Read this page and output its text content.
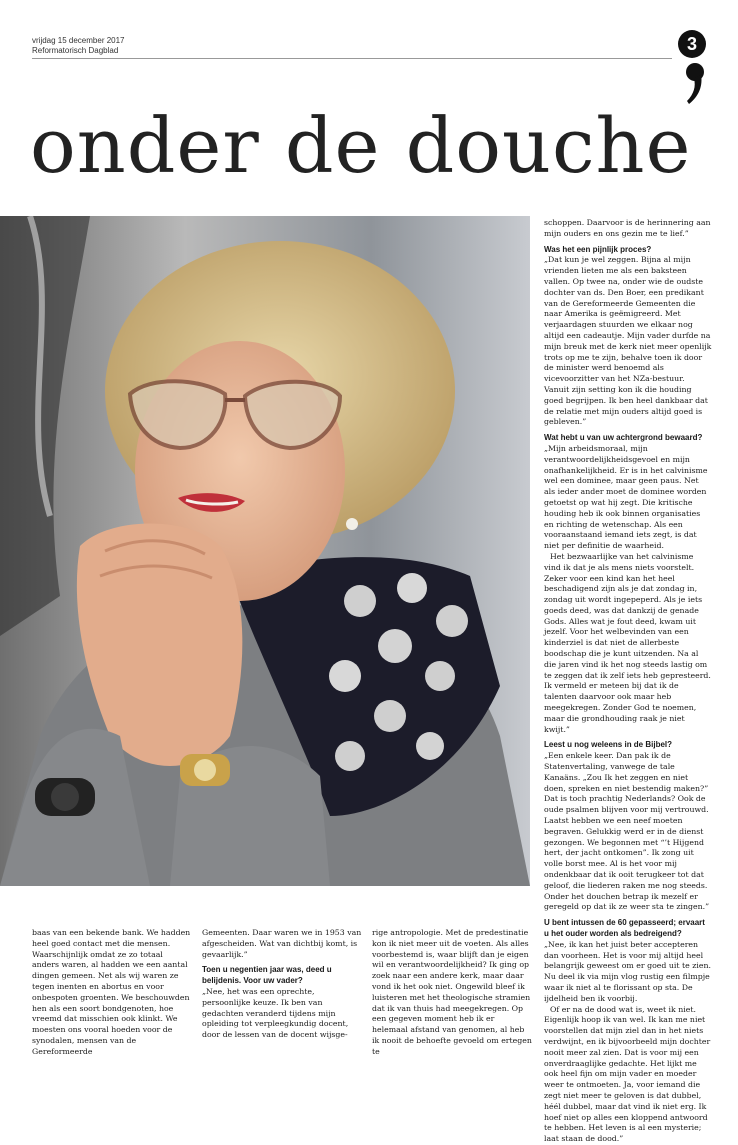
vrijdag 15 december 2017
Reformatorisch Dagblad	3
onder de douche

schoppen. Daarvoor is de herinnering aan mijn ouders en ons gezin me te lief.”

Was het een pijnlijk proces?

„Dat kun je wel zeggen. Bijna al mijn vrienden lieten me als een baksteen vallen. Op twee na, onder wie de oudste dochter van ds. Den Boer, een predikant van de Gereformeerde Gemeenten die naar Amerika is geëmigreerd. Met verjaardagen stuurden we elkaar nog altijd een cadeautje. Mijn vader durfde na mijn breuk met de kerk niet meer openlijk trots op me te zijn, behalve toen ik door de minister werd benoemd als vicevoorzitter van het NZa-bestuur. Vanuit zijn setting kon ik die houding goed begrijpen. Ik ben heel dankbaar dat de relatie met mijn ouders altijd goed is gebleven.”

Wat hebt u van uw achtergrond bewaard?

„Mijn arbeidsmoraal, mijn verantwoordelijkheidsgevoel en mijn onafhankelijkheid. Er is in het calvinisme wel een dominee, maar geen paus. Net als ieder ander moet de dominee worden getoetst op wat hij zegt. Die kritische houding heb ik ook binnen organisaties en richting de wetenschap. Als een vooraanstaand iemand iets zegt, is dat niet per definitie de waarheid.

Het bezwaarlijke van het calvinisme vind ik dat je als mens niets voorstelt. Zeker voor een kind kan het heel beschadigend zijn als je dat zondag in, zondag uit wordt ingepeperd. Als je iets goeds deed, was dat dankzij de genade Gods. Alles wat je fout deed, kwam uit jezelf. Voor het welbevinden van een kinderziel is dat niet de allerbeste boodschap die je kunt uitzenden. Na al die jaren vind ik het nog steeds lastig om te zeggen dat ik zelf iets heb gepresteerd. Ik vermeld er meteen bij dat ik de talenten daarvoor ook maar heb meegekregen. Zonder God te noemen, maar die grondhouding raak je niet kwijt.”

Leest u nog weleens in de Bijbel?

„Een enkele keer. Dan pak ik de Statenvertaling, vanwege de tale Kanaäns. „Zou Ik het zeggen en niet doen, spreken en niet bestendig maken?” Dat is toch prachtig Nederlands? Ook de oude psalmen blijven voor mij vertrouwd. Laatst hebben we een neef moeten begraven. Gelukkig werd er in de dienst gezongen. We begonnen met “’t Hijgend hert, der jacht ontkomen”. Ik zong uit volle borst mee. Al is het voor mij ondenkbaar dat ik ooit terugkeer tot dat geloof, die liederen raken me nog steeds. Onder het douchen betrap ik mezelf er geregeld op dat ik ze weer sta te zingen.”

U bent intussen de 60 gepasseerd; ervaart u het ouder worden als bedreigend?

„Nee, ik kan het juist beter accepteren dan voorheen. Het is voor mij altijd heel belangrijk geweest om er goed uit te zien. Nu deel ik via mijn vlog rustig een filmpje waar ik niet al te florissant op sta. De ijdelheid ben ik voorbij.

Of er na de dood wat is, weet ik niet. Eigenlijk hoop ik van wel. Ik kan me niet voorstellen dat mijn ziel dan in het niets verdwijnt, en ik bijvoorbeeld mijn dochter nooit meer zal zien. Dat is voor mij een onverdraaglijke gedachte. Het lijkt me ook heel fijn om mijn vader en moeder weer te ontmoeten. Ja, voor iemand die zegt niet meer te geloven is dat dubbel, héél dubbel, maar dat vind ik niet erg. Ik hoef niet op alles een kloppend antwoord te hebben. Het leven is al een mysterie; laat staan de dood.”

baas van een bekende bank. We hadden heel goed contact met die mensen. Waarschijnlijk omdat ze zo totaal anders waren, al hadden we een aantal dingen gemeen. Net als wij waren ze tegen inenten en abortus en voor onbespoten groenten. We beschouwden hen als een soort bondgenoten, hoe vreemd dat misschien ook klinkt. We moesten ons vooral hoeden voor de synodalen, mensen van de Gereformeerde

Gemeenten. Daar waren we in 1953 van afgescheiden. Wat van dichtbij komt, is gevaarlijk.”

Toen u negentien jaar was, deed u belijdenis. Voor uw vader?

„Nee, het was een oprechte, persoonlijke keuze. Ik ben van gedachten veranderd tijdens mijn opleiding tot verpleegkundig docent, door de lessen van de docent wijsge-

rige antropologie. Met de predestinatie kon ik niet meer uit de voeten. Als alles voorbestemd is, waar blijft dan je eigen wil en verantwoordelijkheid? Ik ging op zoek naar een andere kerk, maar daar vond ik het ook niet. Ongewild bleef ik luisteren met het theologische stramien dat ik van thuis had meegekregen. Op een gegeven moment heb ik er helemaal afstand van genomen, al heb ik nooit de behoefte gevoeld om ertegen te
